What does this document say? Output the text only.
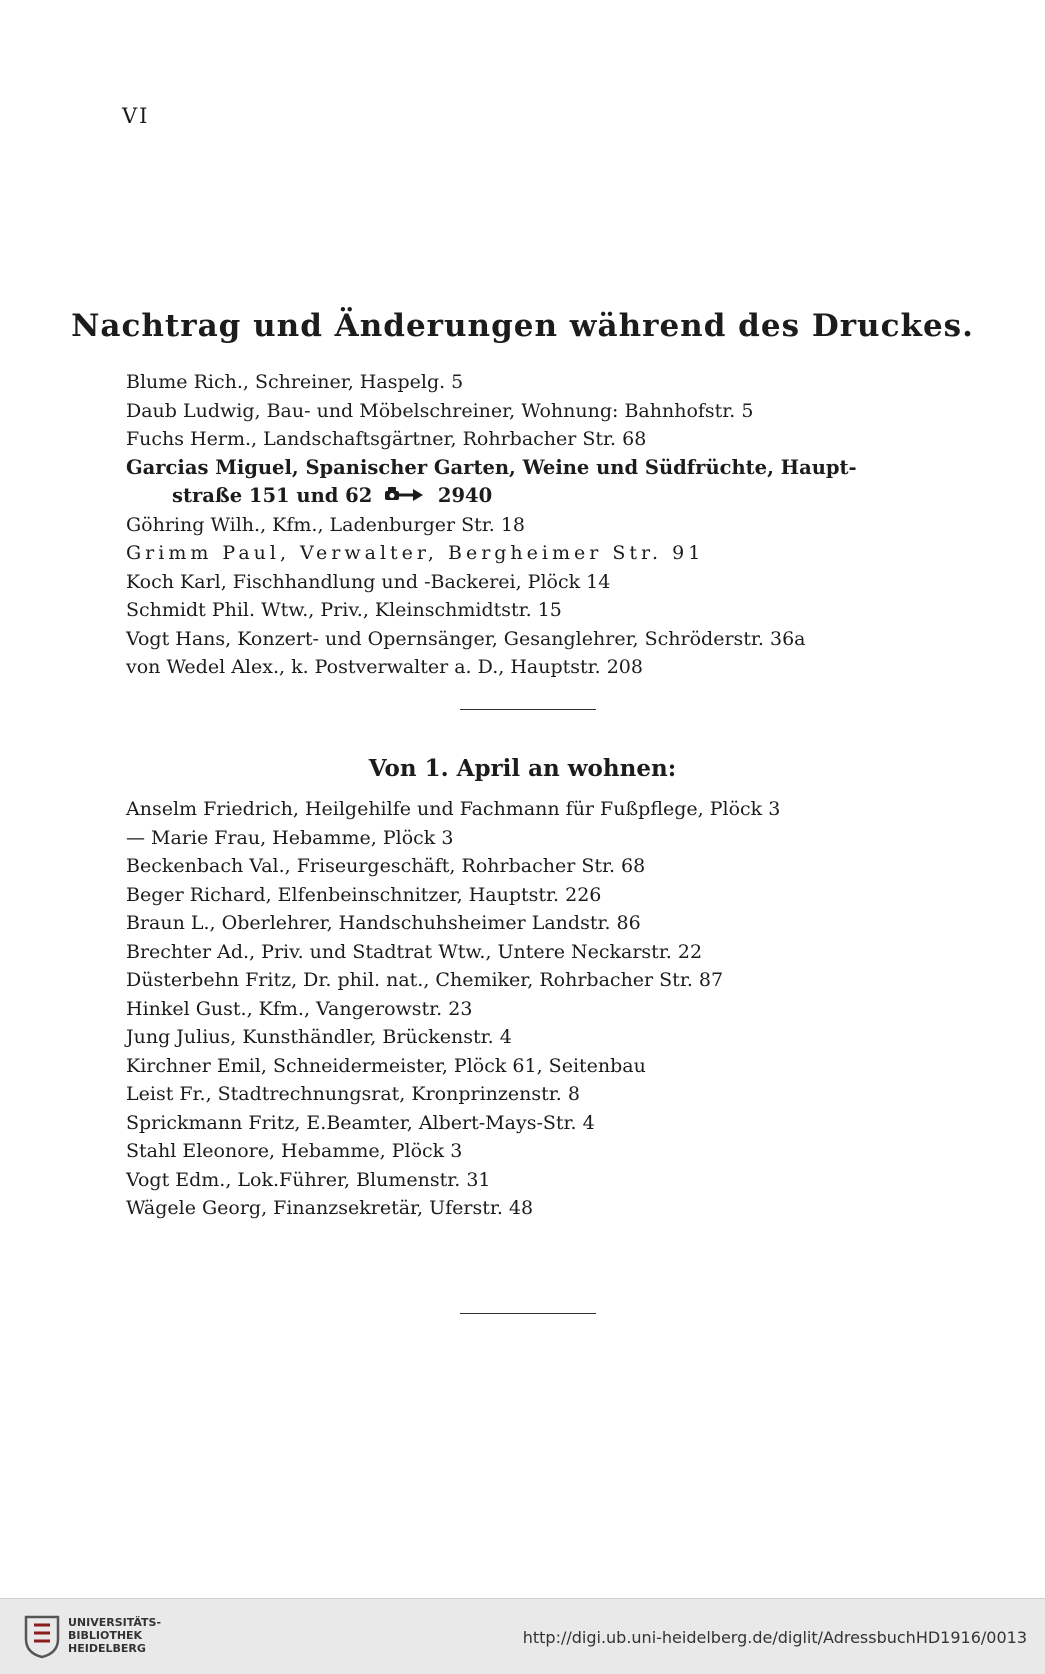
VI
Nachtrag und Änderungen während des Druckes.
Blume Rich., Schreiner, Haspelg. 5
Daub Ludwig, Bau- und Möbelschreiner, Wohnung: Bahnhofstr. 5
Fuchs Herm., Landschaftsgärtner, Rohrbacher Str. 68
Garcias Miguel, Spanischer Garten, Weine und Südfrüchte, Haupt-
straße 151 und 62	2940
Göhring Wilh., Kfm., Ladenburger Str. 18
Grimm Paul, Verwalter, Bergheimer Str. 91
Koch Karl, Fischhandlung und -Backerei, Plöck 14
Schmidt Phil. Wtw., Priv., Kleinschmidtstr. 15
Vogt Hans, Konzert- und Opernsänger, Gesanglehrer, Schröderstr. 36a
von Wedel Alex., k. Postverwalter a. D., Hauptstr. 208
Von 1. April an wohnen:
Anselm Friedrich, Heilgehilfe und Fachmann für Fußpflege, Plöck 3
— Marie Frau, Hebamme, Plöck 3
Beckenbach Val., Friseurgeschäft, Rohrbacher Str. 68
Beger Richard, Elfenbeinschnitzer, Hauptstr. 226
Braun L., Oberlehrer, Handschuhsheimer Landstr. 86
Brechter Ad., Priv. und Stadtrat Wtw., Untere Neckarstr. 22
Düsterbehn Fritz, Dr. phil. nat., Chemiker, Rohrbacher Str. 87
Hinkel Gust., Kfm., Vangerowstr. 23
Jung Julius, Kunsthändler, Brückenstr. 4
Kirchner Emil, Schneidermeister, Plöck 61, Seitenbau
Leist Fr., Stadtrechnungsrat, Kronprinzenstr. 8
Sprickmann Fritz, E.Beamter, Albert-Mays-Str. 4
Stahl Eleonore, Hebamme, Plöck 3
Vogt Edm., Lok.Führer, Blumenstr. 31
Wägele Georg, Finanzsekretär, Uferstr. 48
UNIVERSITÄTS-
BIBLIOTHEK
HEIDELBERG
http://digi.ub.uni-heidelberg.de/diglit/AdressbuchHD1916/0013
